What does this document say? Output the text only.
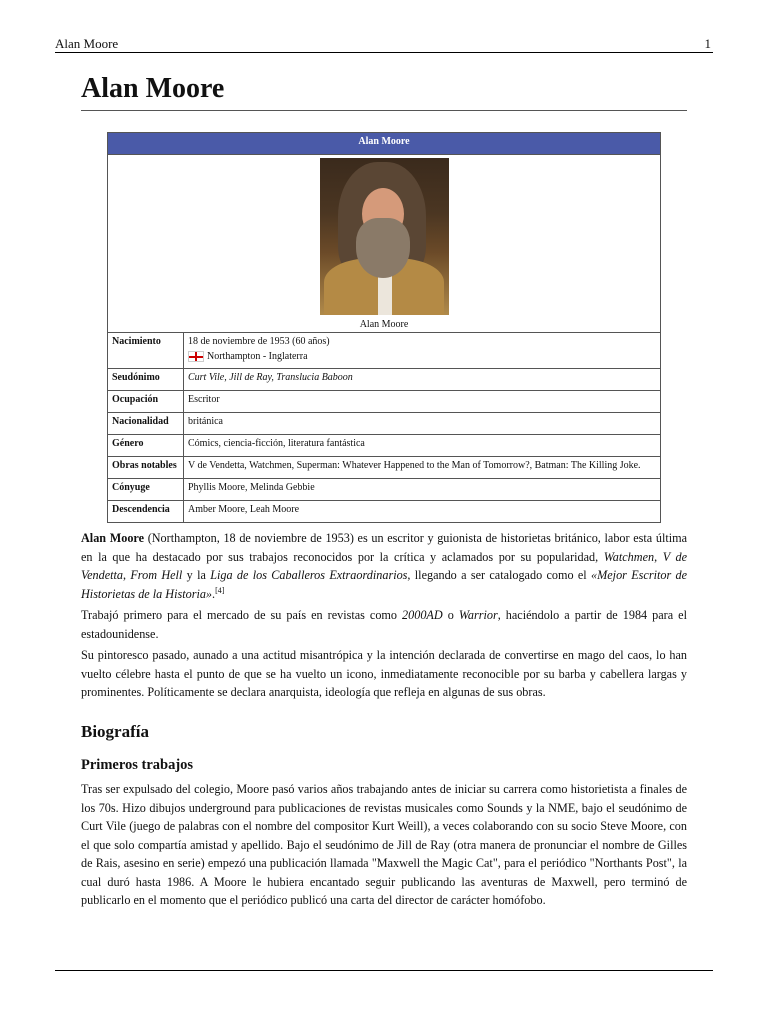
Alan Moore	1
Alan Moore
Alan Moore	

Alan Moore	

Nacimiento	18 de noviembre de 1953 (60 años)
Northampton - Inglaterra

Seudónimo	Curt Vile, Jill de Ray, Translucia Baboon
Ocupación	Escritor
Nacionalidad	británica
Género	Cómics, ciencia-ficción, literatura fantástica
Obras notables	V de Vendetta, Watchmen, Superman: Whatever Happened to the Man of Tomorrow?, Batman: The Killing Joke.
Cónyuge	Phyllis Moore, Melinda Gebbie
Descendencia	Amber Moore, Leah Moore

Alan Moore (Northampton, 18 de noviembre de 1953) es un escritor y guionista de historietas británico, labor esta última en la que ha destacado por sus trabajos reconocidos por la crítica y aclamados por su popularidad, Watchmen, V de Vendetta, From Hell y la Liga de los Caballeros Extraordinarios, llegando a ser catalogado como el «Mejor Escritor de Historietas de la Historia».[4]

Trabajó primero para el mercado de su país en revistas como 2000AD o Warrior, haciéndolo a partir de 1984 para el estadounidense.

Su pintoresco pasado, aunado a una actitud misantrópica y la intención declarada de convertirse en mago del caos, lo han vuelto célebre hasta el punto de que se ha vuelto un icono, inmediatamente reconocible por su barba y cabellera largas y prominentes. Políticamente se declara anarquista, ideología que refleja en algunas de sus obras.

Biografía
Primeros trabajos

Tras ser expulsado del colegio, Moore pasó varios años trabajando antes de iniciar su carrera como historietista a finales de los 70s. Hizo dibujos underground para publicaciones de revistas musicales como Sounds y la NME, bajo el seudónimo de Curt Vile (juego de palabras con el nombre del compositor Kurt Weill), a veces colaborando con su socio Steve Moore, con el que solo compartía amistad y apellido. Bajo el seudónimo de Jill de Ray (otra manera de pronunciar el nombre de Gilles de Rais, asesino en serie) empezó una publicación llamada "Maxwell the Magic Cat", para el periódico "Northants Post", la cual duró hasta 1986. A Moore le hubiera encantado seguir publicando las aventuras de Maxwell, pero terminó de publicarlo en el momento que el periódico publicó una carta del director de carácter homófobo.
